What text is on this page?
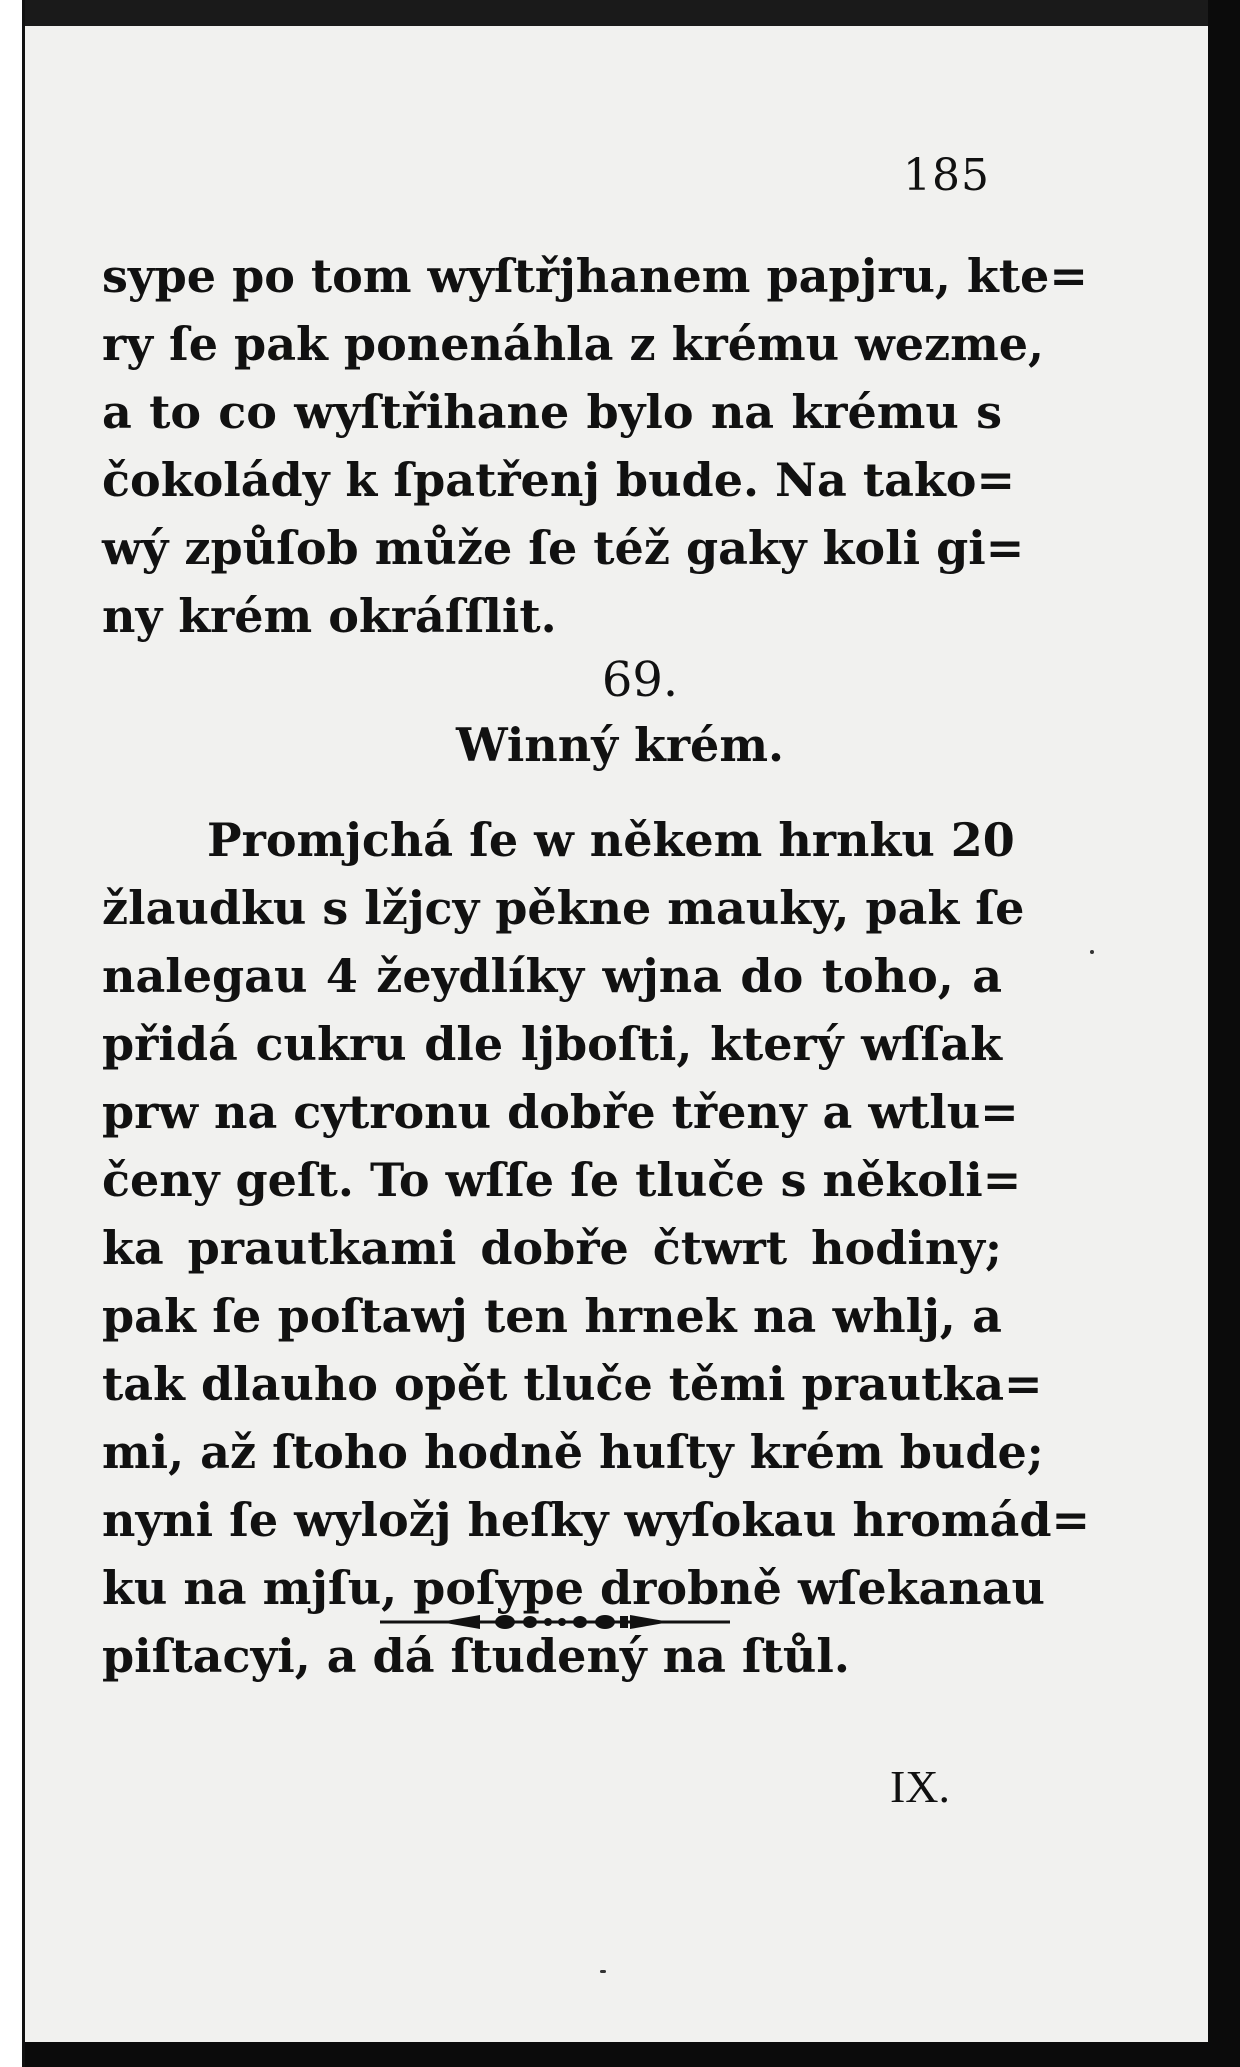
185
sype po tom wyſtřjhanem papjru, kte=
ry ſe pak ponenáhla z krému wezme,
a to co wyſtřihane bylo na krému s
čokolády k ſpatřenj bude. Na tako=
wý způſob může ſe též gaky koli gi=
ny krém okráſſlit.
69.
Winný krém.
Promjchá ſe w někem hrnku 20
žlaudku s lžjcy pěkne mauky, pak ſe
nalegau 4 žeydlíky wjna do toho, a
přidá cukru dle ljboſti, který wſſak
prw na cytronu dobře třeny a wtlu=
čeny geſt. To wſſe ſe tluče s několi=
ka prautkami dobře čtwrt hodiny;
pak ſe poſtawj ten hrnek na whlj, a
tak dlauho opět tluče těmi prautka=
mi, až ſtoho hodně huſty krém bude;
nyni ſe wyložj heſky wyſokau hromád=
ku na mjſu, poſype drobně wſekanau
piſtacyi, a dá ſtudený na ſtůl.
IX.
